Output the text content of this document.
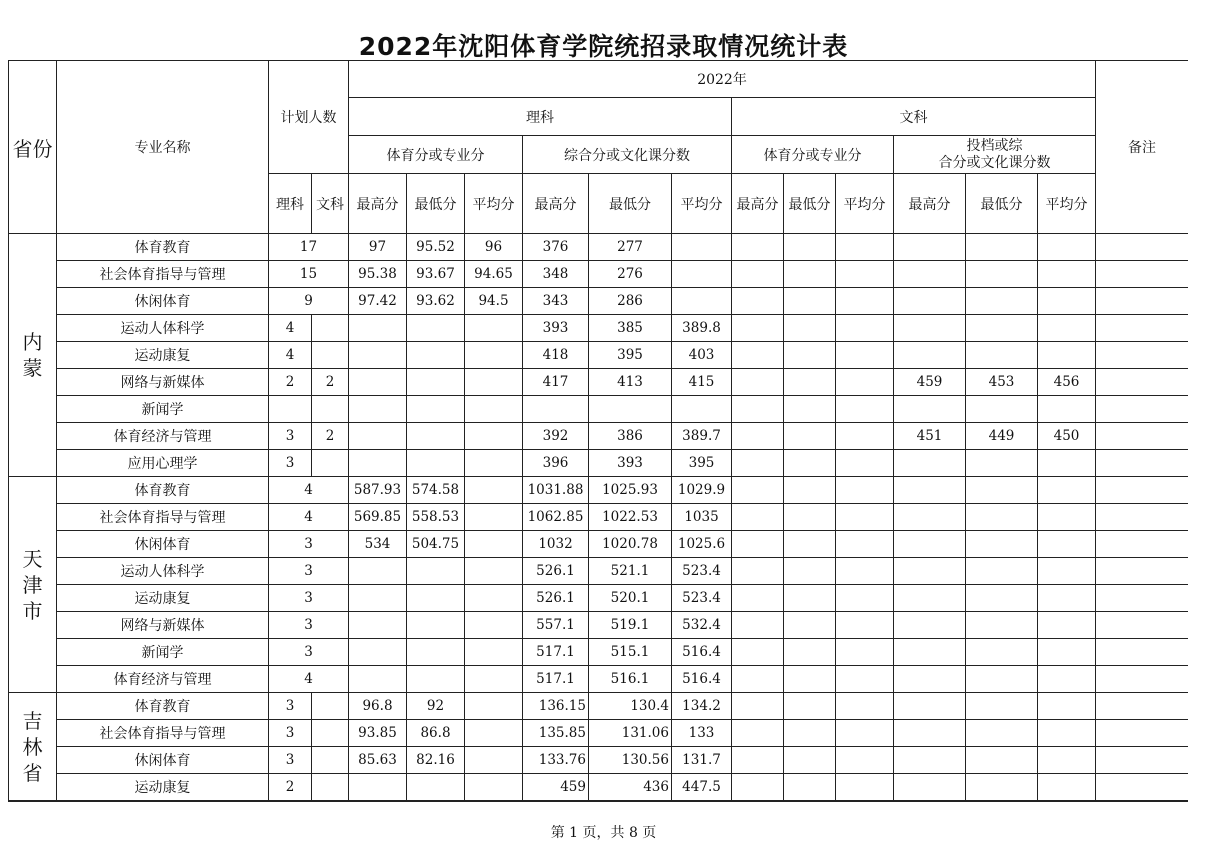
2022年沈阳体育学院统招录取情况统计表
省份	专业名称	计划人数		2022年												备注
				理科						文科						
				体育分或专业分			综合分或文化课分数			体育分或专业分			投档或综
合分或文化课分数			
		理科	文科	最高分	最低分	平均分	最高分	最低分	平均分	最高分	最低分	平均分	最高分	最低分	平均分	
内蒙	体育教育	17		97	95.52	96	376	277								
	社会体育指导与管理	15		95.38	93.67	94.65	348	276								
	休闲体育	9		97.42	93.62	94.5	343	286								
	运动人体科学	4					393	385	389.8							
	运动康复	4					418	395	403							
	网络与新媒体	2	2				417	413	415				459	453	456	
	新闻学															
	体育经济与管理	3	2				392	386	389.7				451	449	450	
	应用心理学	3					396	393	395							
天津市	体育教育	4		587.93	574.58		1031.88	1025.93	1029.9							
	社会体育指导与管理	4		569.85	558.53		1062.85	1022.53	1035							
	休闲体育	3		534	504.75		1032	1020.78	1025.6							
	运动人体科学	3					526.1	521.1	523.4							
	运动康复	3					526.1	520.1	523.4							
	网络与新媒体	3					557.1	519.1	532.4							
	新闻学	3					517.1	515.1	516.4							
	体育经济与管理	4					517.1	516.1	516.4							
吉林省	体育教育	3		96.8	92		136.15	130.4	134.2							
	社会体育指导与管理	3		93.85	86.8		135.85	131.06	133							
	休闲体育	3		85.63	82.16		133.76	130.56	131.7							
	运动康复	2					459	436	447.5							
第 1 页，共 8 页
